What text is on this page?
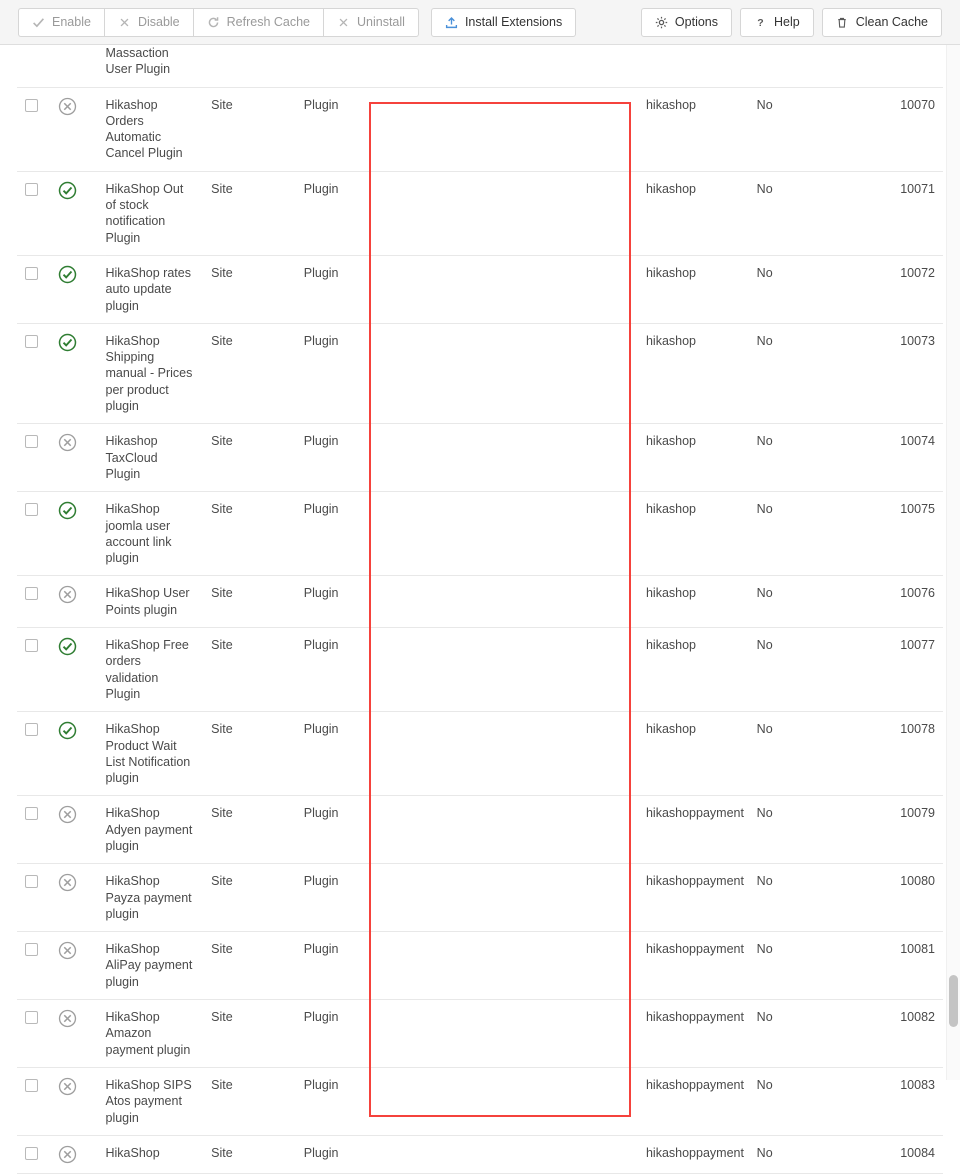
Enable	Disable	Refresh Cache	Uninstall	Install Extensions	Options	? Help	Clean Cache
		Massaction User Plugin							

	Hikashop Orders Automatic Cancel Plugin	Site	Plugin			hikashop	No	10070

	HikaShop Out of stock notification Plugin	Site	Plugin			hikashop	No	10071

	HikaShop rates auto update plugin	Site	Plugin			hikashop	No	10072

	HikaShop Shipping manual - Prices per product plugin	Site	Plugin			hikashop	No	10073

	Hikashop TaxCloud Plugin	Site	Plugin			hikashop	No	10074

	HikaShop joomla user account link plugin	Site	Plugin			hikashop	No	10075

	HikaShop User Points plugin	Site	Plugin			hikashop	No	10076

	HikaShop Free orders validation Plugin	Site	Plugin			hikashop	No	10077

	HikaShop Product Wait List Notification plugin	Site	Plugin			hikashop	No	10078

	HikaShop Adyen payment plugin	Site	Plugin			hikashoppayment	No	10079

	HikaShop Payza payment plugin	Site	Plugin			hikashoppayment	No	10080

	HikaShop AliPay payment plugin	Site	Plugin			hikashoppayment	No	10081

	HikaShop Amazon payment plugin	Site	Plugin			hikashoppayment	No	10082

	HikaShop SIPS Atos payment plugin	Site	Plugin			hikashoppayment	No	10083

	HikaShop	Site	Plugin			hikashoppayment	No	10084
